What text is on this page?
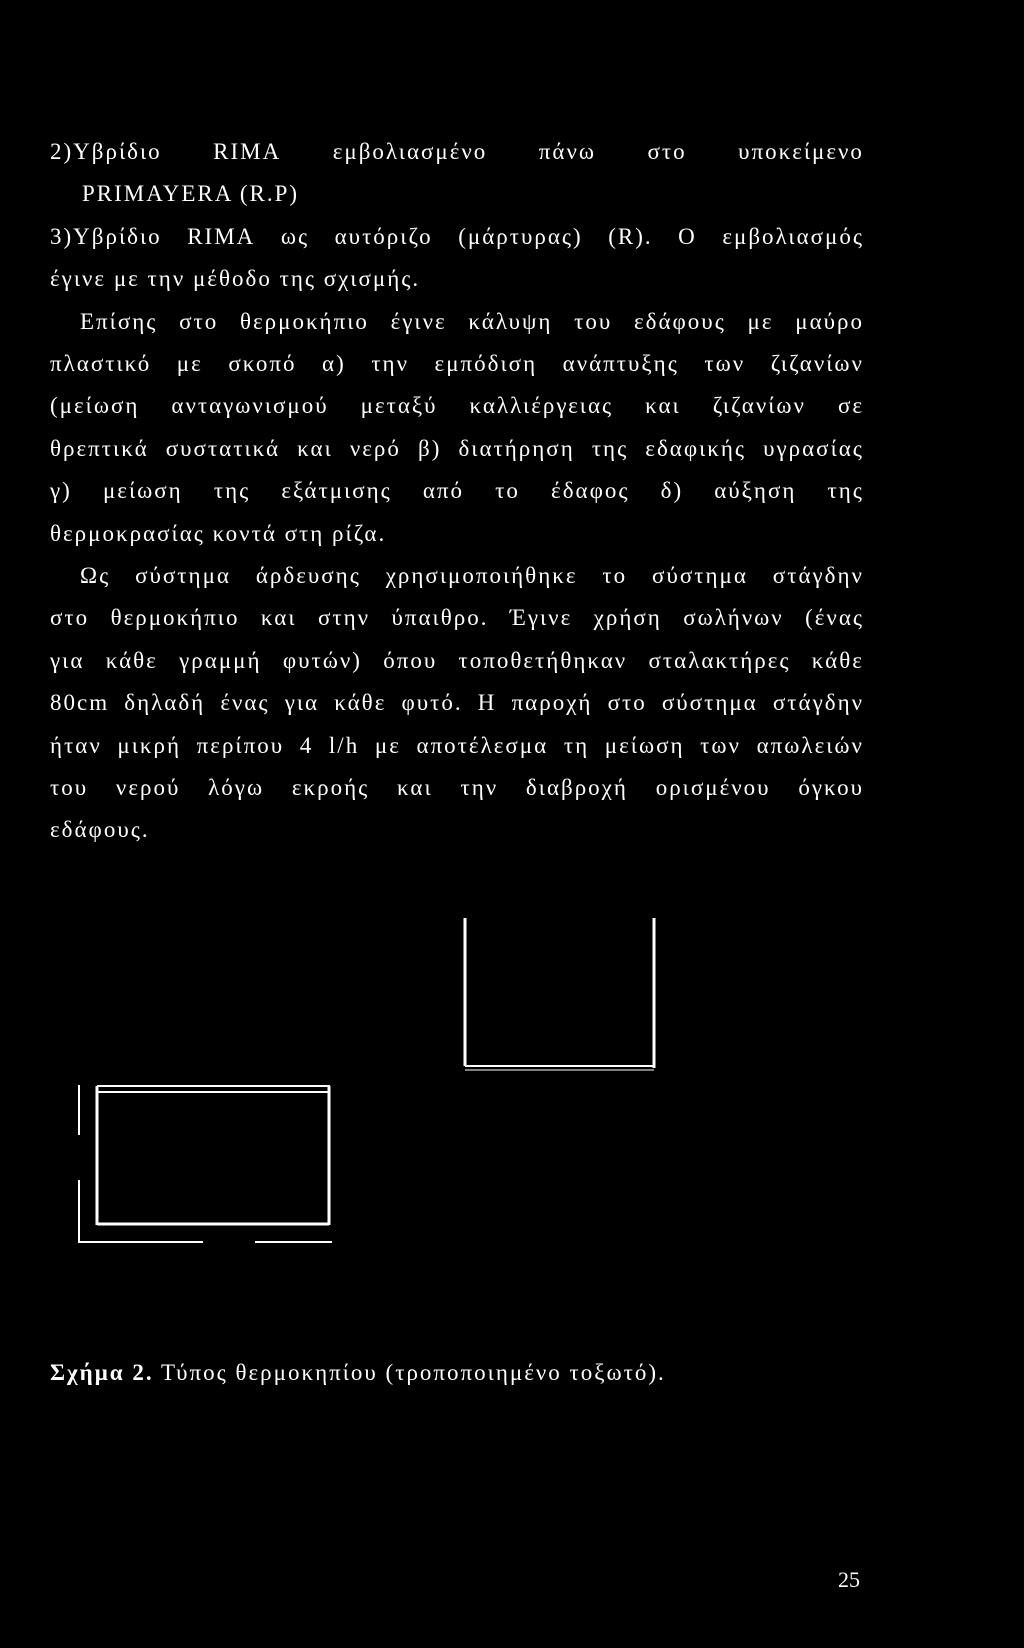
2)Υβρίδιο RIMA εμβολιασμένο πάνω στο υποκείμενο
PRIMAYERA (R.P)
3)Υβρίδιο RIMA ως αυτόριζο (μάρτυρας) (R). Ο εμβολιασμός
έγινε με την μέθοδο της σχισμής.
Επίσης στο θερμοκήπιο έγινε κάλυψη του εδάφους με μαύρο
πλαστικό με σκοπό α) την εμπόδιση ανάπτυξης των ζιζανίων
(μείωση ανταγωνισμού μεταξύ καλλιέργειας και ζιζανίων σε
θρεπτικά συστατικά και νερό β) διατήρηση της εδαφικής υγρασίας
γ) μείωση της εξάτμισης από το έδαφος δ) αύξηση της
θερμοκρασίας κοντά στη ρίζα.
Ως σύστημα άρδευσης χρησιμοποιήθηκε το σύστημα στάγδην
στο θερμοκήπιο και στην ύπαιθρο. Έγινε χρήση σωλήνων (ένας
για κάθε γραμμή φυτών) όπου τοποθετήθηκαν σταλακτήρες κάθε
80cm δηλαδή ένας για κάθε φυτό. Η παροχή στο σύστημα στάγδην
ήταν μικρή περίπου 4 l/h με αποτέλεσμα τη μείωση των απωλειών
του νερού λόγω εκροής και την διαβροχή ορισμένου όγκου
εδάφους.
Σχήμα 2. Τύπος θερμοκηπίου (τροποποιημένο τοξωτό).
25
